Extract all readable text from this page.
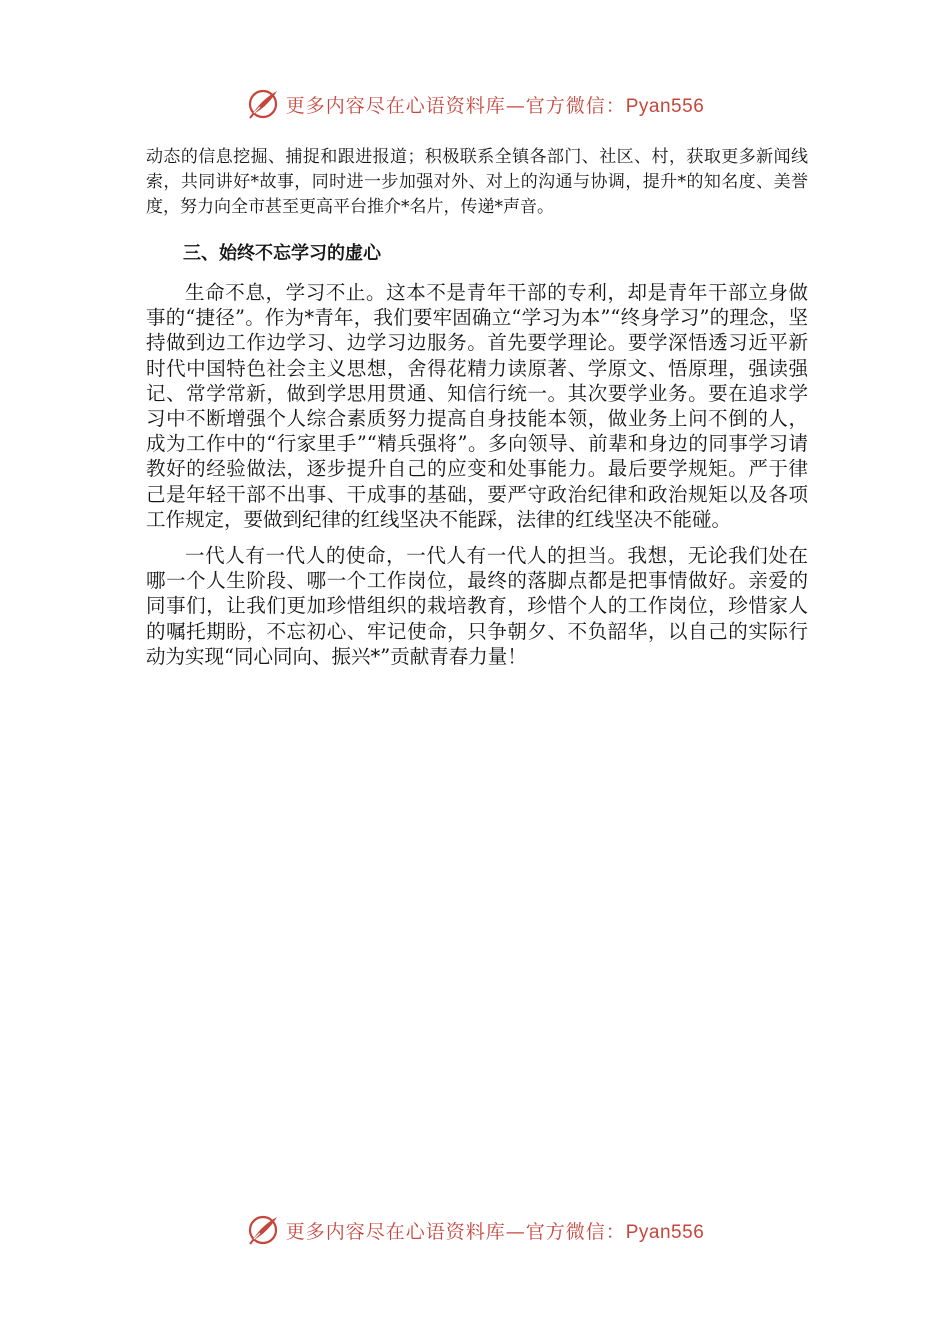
更多内容尽在心语资料库—官方微信：Pyan556

动态的信息挖掘、捕捉和跟进报道；积极联系全镇各部门、社区、村，获取更多新闻线索，共同讲好*故事，同时进一步加强对外、对上的沟通与协调，提升*的知名度、美誉度，努力向全市甚至更高平台推介*名片，传递*声音。

三、始终不忘学习的虚心

生命不息，学习不止。这本不是青年干部的专利，却是青年干部立身做事的“捷径”。作为*青年，我们要牢固确立“学习为本”“终身学习”的理念，坚持做到边工作边学习、边学习边服务。首先要学理论。要学深悟透习近平新时代中国特色社会主义思想，舍得花精力读原著、学原文、悟原理，强读强记、常学常新，做到学思用贯通、知信行统一。其次要学业务。要在追求学习中不断增强个人综合素质努力提高自身技能本领，做业务上问不倒的人，成为工作中的“行家里手”“精兵强将”。多向领导、前辈和身边的同事学习请教好的经验做法，逐步提升自己的应变和处事能力。最后要学规矩。严于律己是年轻干部不出事、干成事的基础，要严守政治纪律和政治规矩以及各项工作规定，要做到纪律的红线坚决不能踩，法律的红线坚决不能碰。

一代人有一代人的使命，一代人有一代人的担当。我想，无论我们处在哪一个人生阶段、哪一个工作岗位，最终的落脚点都是把事情做好。亲爱的同事们，让我们更加珍惜组织的栽培教育，珍惜个人的工作岗位，珍惜家人的嘱托期盼，不忘初心、牢记使命，只争朝夕、不负韶华，以自己的实际行动为实现“同心同向、振兴*”贡献青春力量！

更多内容尽在心语资料库—官方微信：Pyan556
